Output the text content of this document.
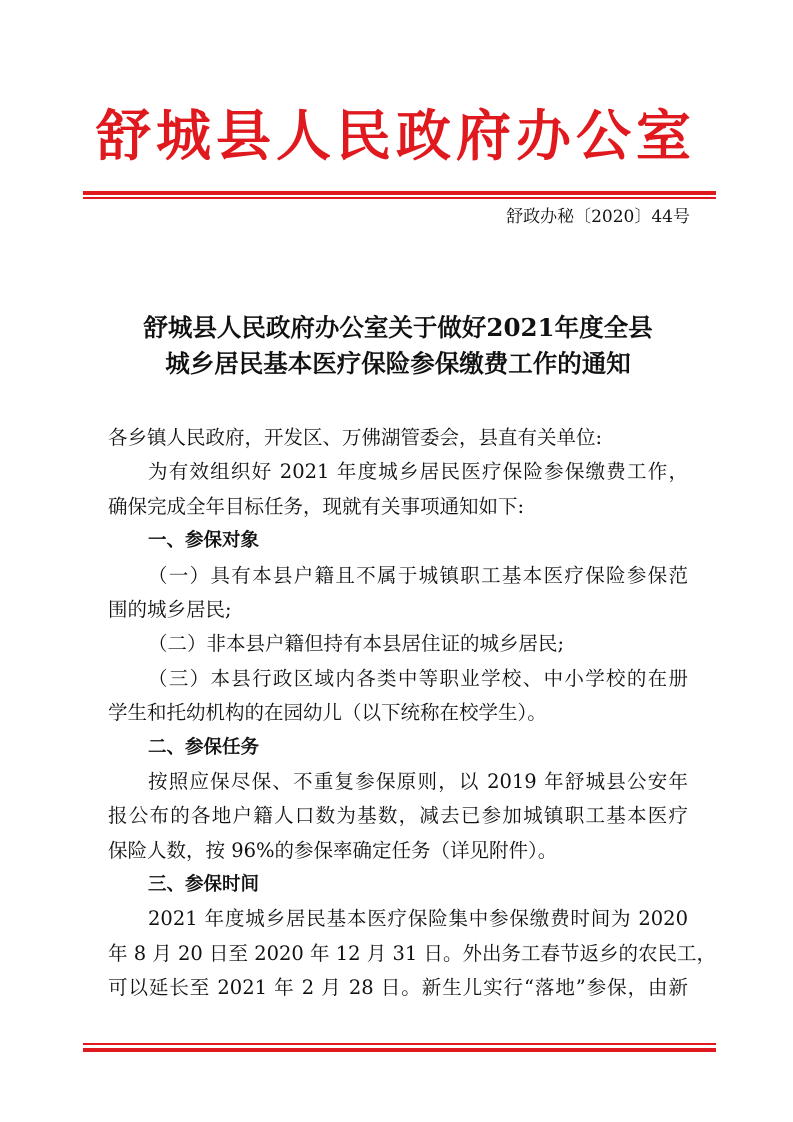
舒城县人民政府办公室
舒政办秘〔2020〕44号
舒城县人民政府办公室关于做好2021年度全县
城乡居民基本医疗保险参保缴费工作的通知
各乡镇人民政府，开发区、万佛湖管委会，县直有关单位:
为有效组织好 2021 年度城乡居民医疗保险参保缴费工作，
确保完成全年目标任务，现就有关事项通知如下:
一、参保对象
（一）具有本县户籍且不属于城镇职工基本医疗保险参保范
围的城乡居民;
（二）非本县户籍但持有本县居住证的城乡居民;
（三）本县行政区域内各类中等职业学校、中小学校的在册
学生和托幼机构的在园幼儿（以下统称在校学生）。
二、参保任务
按照应保尽保、不重复参保原则，以 2019 年舒城县公安年
报公布的各地户籍人口数为基数，减去已参加城镇职工基本医疗
保险人数，按 96%的参保率确定任务（详见附件）。
三、参保时间
2021 年度城乡居民基本医疗保险集中参保缴费时间为 2020
年 8 月 20 日至 2020 年 12 月 31 日。外出务工春节返乡的农民工，
可以延长至 2021 年 2 月 28 日。新生儿实行“落地”参保，由新
